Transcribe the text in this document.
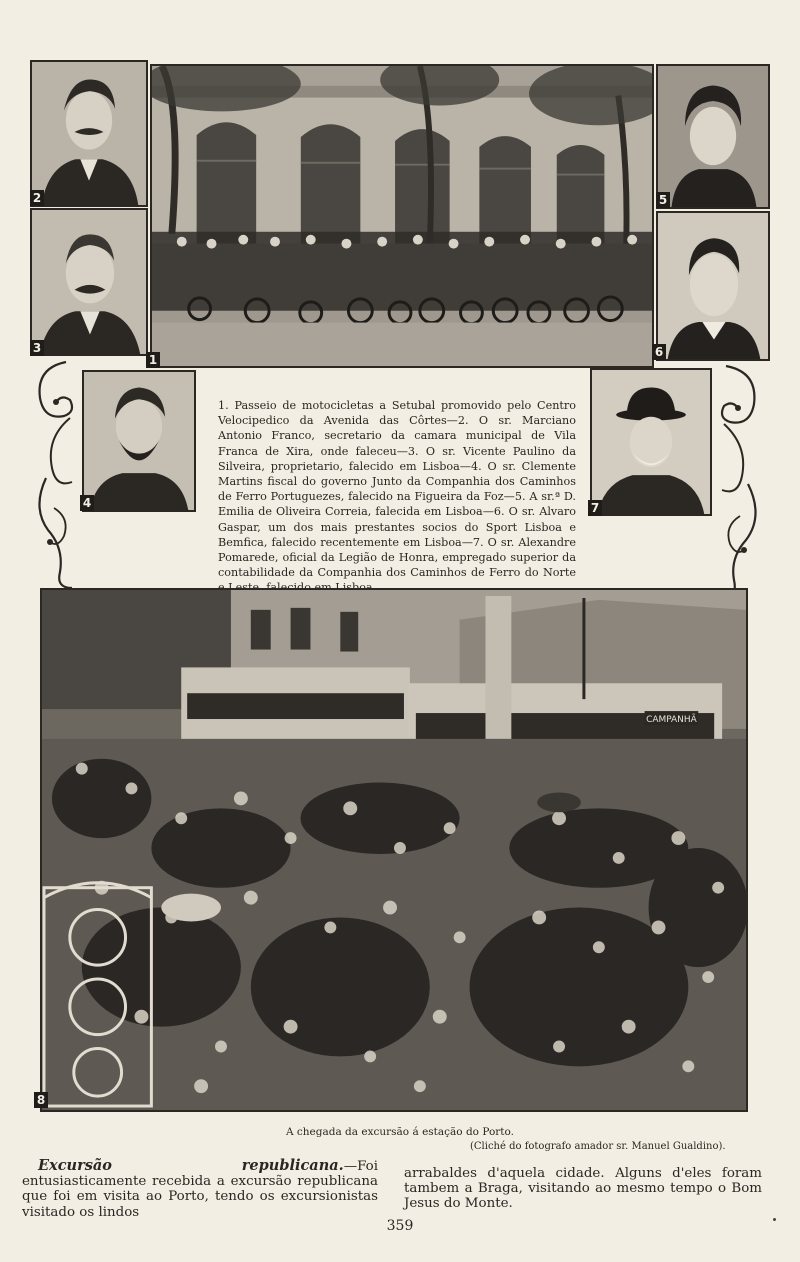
2
3
1
5
6
4	7

1. Passeio de motocicletas a Setubal promovido pelo Centro Velocipedico da Avenida das Côrtes—2. O sr. Marciano Antonio Franco, secretario da camara municipal de Vila Franca de Xira, onde faleceu—3. O sr. Vicente Paulino da Silveira, proprietario, falecido em Lisboa—4. O sr. Clemente Martins fiscal do governo Junto da Companhia dos Caminhos de Ferro Portuguezes, falecido na Figueira da Foz—5. A sr.ª D. Emilia de Oliveira Correia, falecida em Lisboa—6. O sr. Alvaro Gaspar, um dos mais prestantes socios do Sport Lisboa e Bemfica, falecido recentemente em Lisboa—7. O sr. Alexandre Pomarede, oficial da Legião de Honra, empregado superior da contabilidade da Companhia dos Caminhos de Ferro do Norte

CAMPANHÃ
8
A chegada da excursão á estação do Porto.
(Cliché do fotografo amador sr. Manuel Gualdino).
Excursão republicana.—Foi entusiasticamente recebida a excursão republicana que foi em visita ao Porto, tendo os excursionistas visitado os lindos
arrabaldes d'aquela cidade. Alguns d'eles foram tambem a Braga, visitando ao mesmo tempo o Bom Jesus do Monte.
359
